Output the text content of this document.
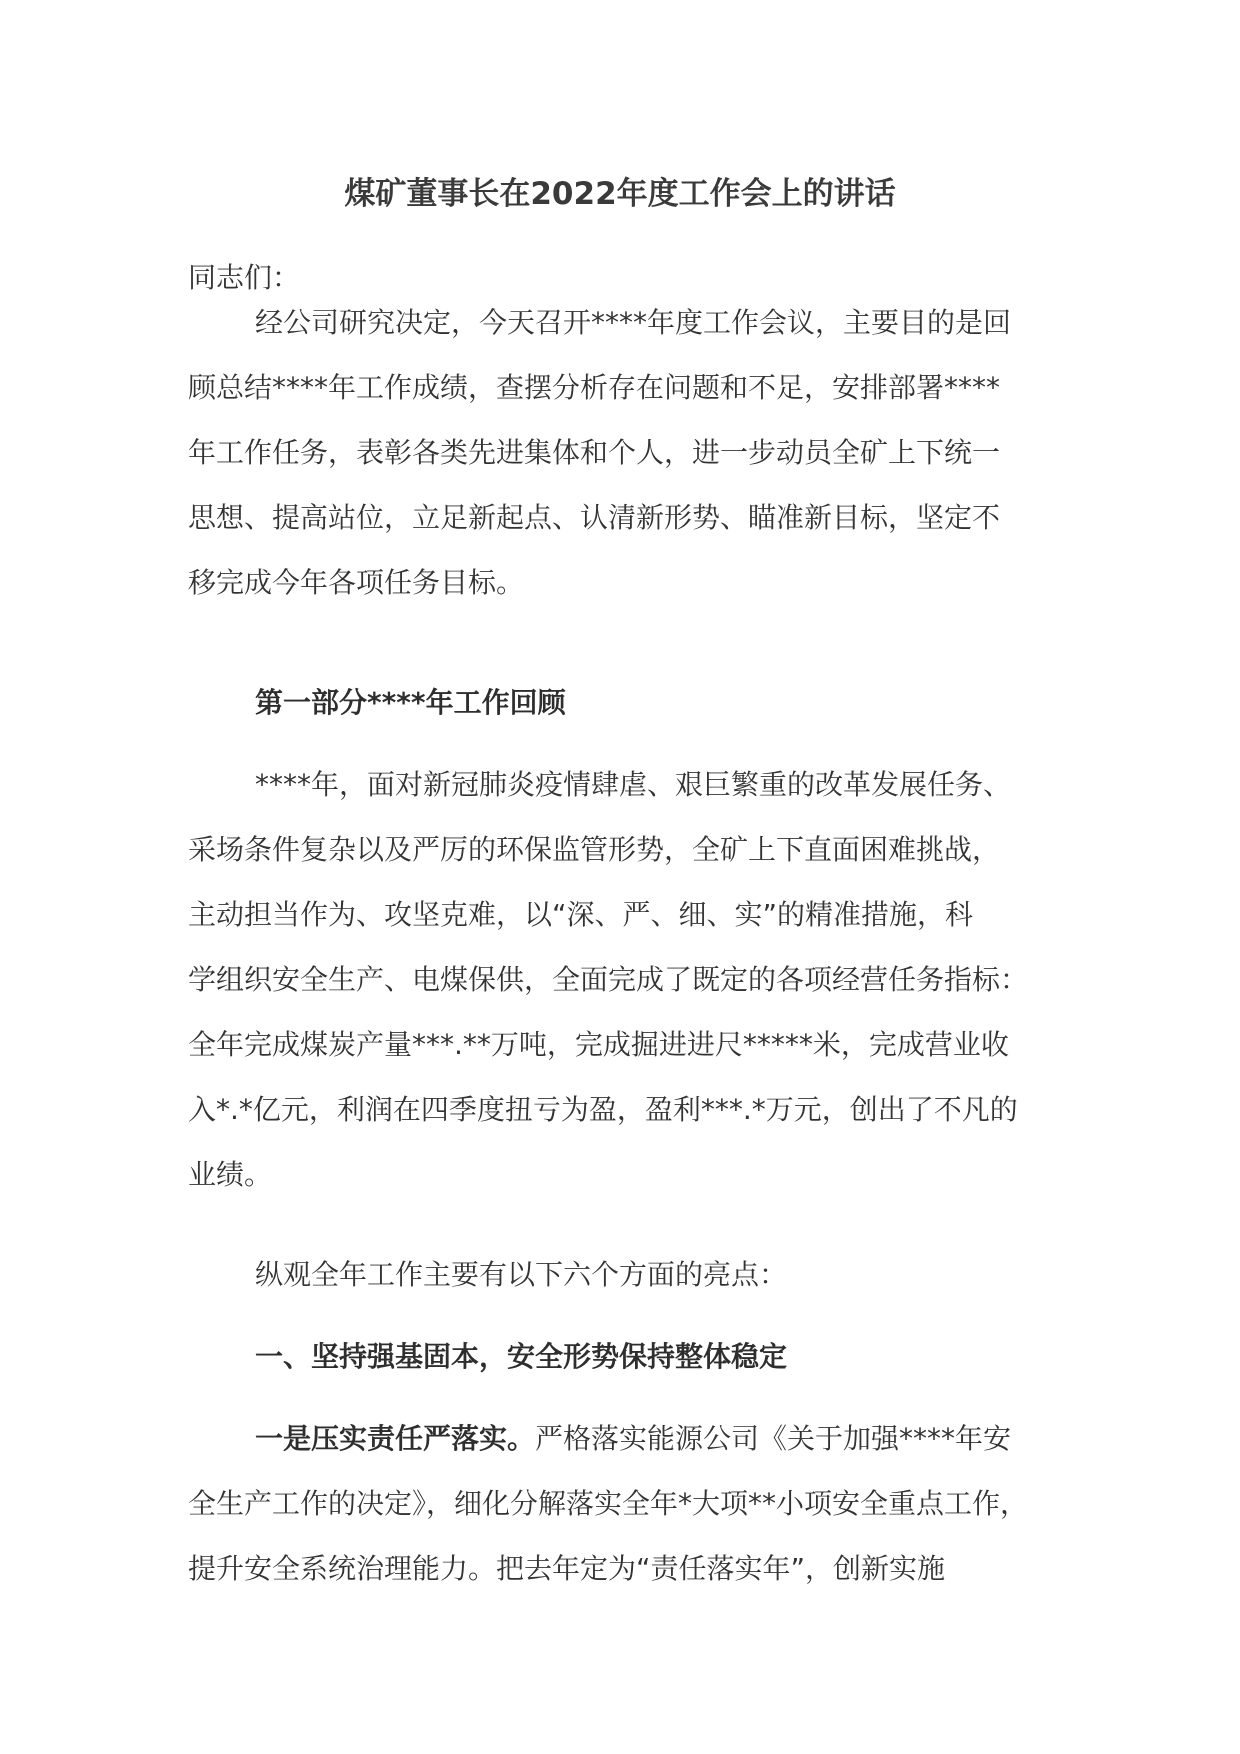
煤矿董事长在2022年度工作会上的讲话

同志们：

经公司研究决定，今天召开****年度工作会议，主要目的是回
顾总结****年工作成绩，查摆分析存在问题和不足，安排部署****
年工作任务，表彰各类先进集体和个人，进一步动员全矿上下统一
思想、提高站位，立足新起点、认清新形势、瞄准新目标，坚定不
移完成今年各项任务目标。
第一部分****年工作回顾
****年，面对新冠肺炎疫情肆虐、艰巨繁重的改革发展任务、
采场条件复杂以及严厉的环保监管形势，全矿上下直面困难挑战，
主动担当作为、攻坚克难，以“深、严、细、实”的精准措施，科
学组织安全生产、电煤保供，全面完成了既定的各项经营任务指标：
全年完成煤炭产量***.**万吨，完成掘进进尺*****米，完成营业收
入*.*亿元，利润在四季度扭亏为盈，盈利***.*万元，创出了不凡的
业绩。
纵观全年工作主要有以下六个方面的亮点：
一、坚持强基固本，安全形势保持整体稳定
一是压实责任严落实。严格落实能源公司《关于加强****年安
全生产工作的决定》，细化分解落实全年*大项**小项安全重点工作，
提升安全系统治理能力。把去年定为“责任落实年”，创新实施
